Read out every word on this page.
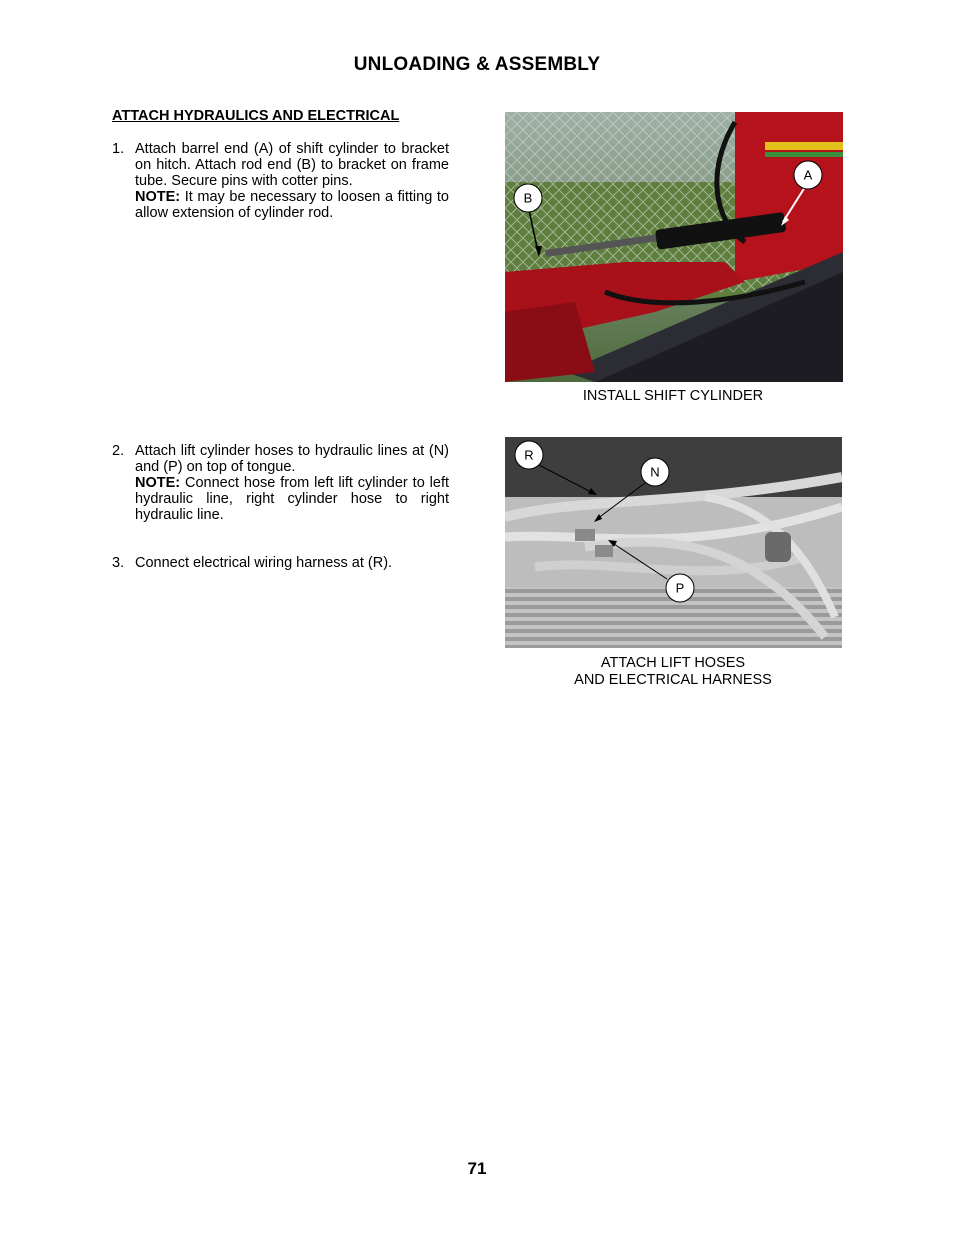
UNLOADING & ASSEMBLY
ATTACH HYDRAULICS AND ELECTRICAL
1. Attach barrel end (A) of shift cylinder to bracket on hitch. Attach rod end (B) to bracket on frame tube. Secure pins with cotter pins.

NOTE: It may be necessary to loosen a fitting to allow extension of cylinder rod.

2. Attach lift cylinder hoses to hydraulic lines at (N) and (P) on top of tongue.

NOTE: Connect hose from left lift cylinder to left hydraulic line, right cylinder hose to right hydraulic line.

3. Connect electrical wiring harness at (R).

A
B
INSTALL SHIFT CYLINDER
R
N
P
ATTACH LIFT HOSES
AND ELECTRICAL HARNESS
71
